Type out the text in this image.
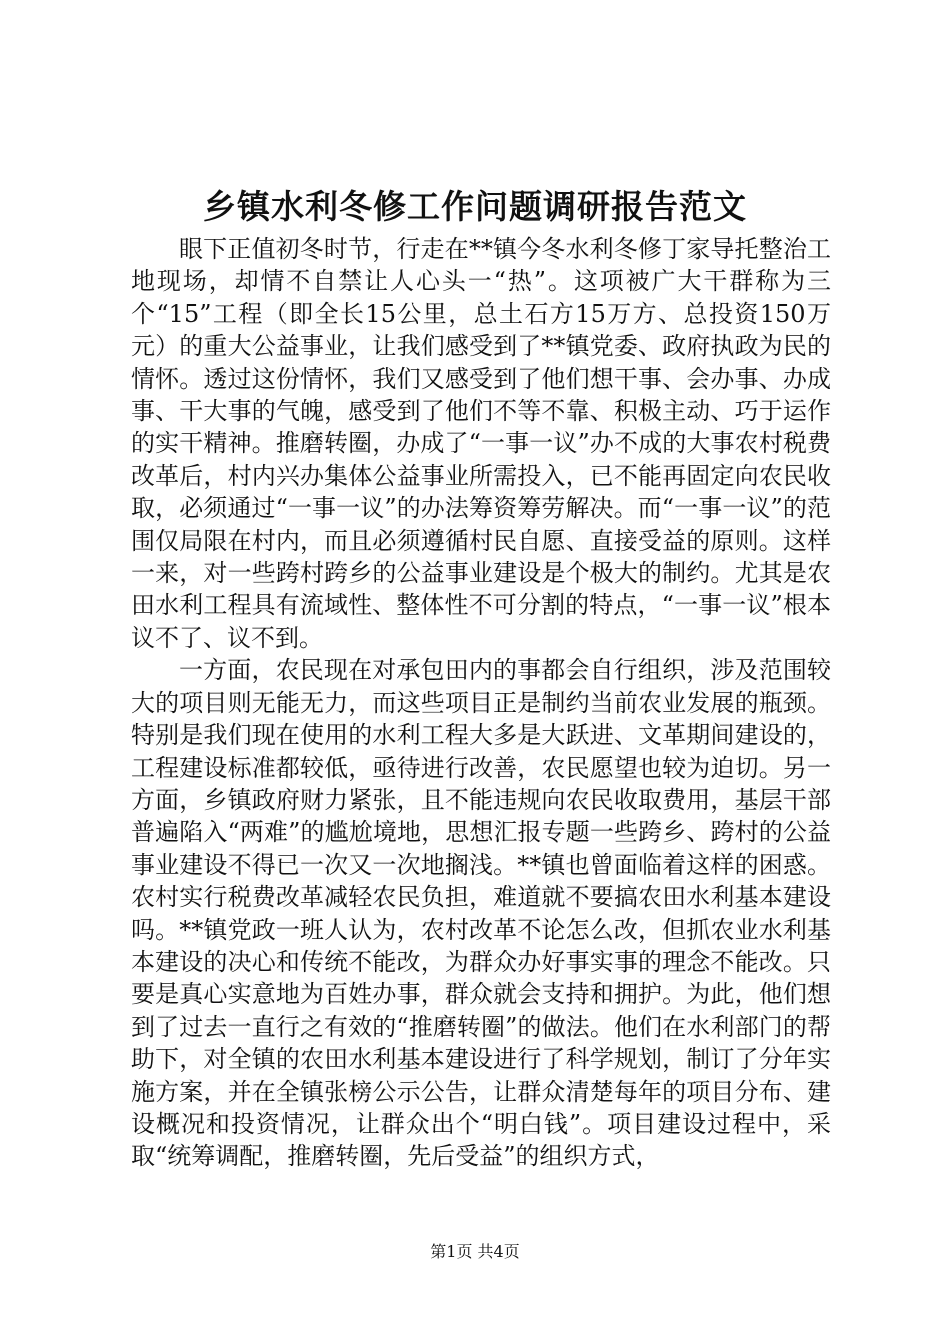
乡镇水利冬修工作问题调研报告范文

眼下正值初冬时节，行走在**镇今冬水利冬修丁家导托整治工地现场，却情不自禁让人心头一“热”。这项被广大干群称为三个“15”工程（即全长15公里，总土石方15万方、总投资150万元）的重大公益事业，让我们感受到了**镇党委、政府执政为民的情怀。透过这份情怀，我们又感受到了他们想干事、会办事、办成事、干大事的气魄，感受到了他们不等不靠、积极主动、巧于运作的实干精神。推磨转圈，办成了“一事一议”办不成的大事农村税费改革后，村内兴办集体公益事业所需投入，已不能再固定向农民收取，必须通过“一事一议”的办法筹资筹劳解决。而“一事一议”的范围仅局限在村内，而且必须遵循村民自愿、直接受益的原则。这样一来，对一些跨村跨乡的公益事业建设是个极大的制约。尤其是农田水利工程具有流域性、整体性不可分割的特点，“一事一议”根本议不了、议不到。

一方面，农民现在对承包田内的事都会自行组织，涉及范围较大的项目则无能无力，而这些项目正是制约当前农业发展的瓶颈。特别是我们现在使用的水利工程大多是大跃进、文革期间建设的，工程建设标准都较低，亟待进行改善，农民愿望也较为迫切。另一方面，乡镇政府财力紧张，且不能违规向农民收取费用，基层干部普遍陷入“两难”的尴尬境地，思想汇报专题一些跨乡、跨村的公益事业建设不得已一次又一次地搁浅。**镇也曾面临着这样的困惑。农村实行税费改革减轻农民负担，难道就不要搞农田水利基本建设吗。**镇党政一班人认为，农村改革不论怎么改，但抓农业水利基本建设的决心和传统不能改，为群众办好事实事的理念不能改。只要是真心实意地为百姓办事，群众就会支持和拥护。为此，他们想到了过去一直行之有效的“推磨转圈”的做法。他们在水利部门的帮助下，对全镇的农田水利基本建设进行了科学规划，制订了分年实施方案，并在全镇张榜公示公告，让群众清楚每年的项目分布、建设概况和投资情况，让群众出个“明白钱”。项目建设过程中，采取“统筹调配，推磨转圈，先后受益”的组织方式，

第1页 共4页
